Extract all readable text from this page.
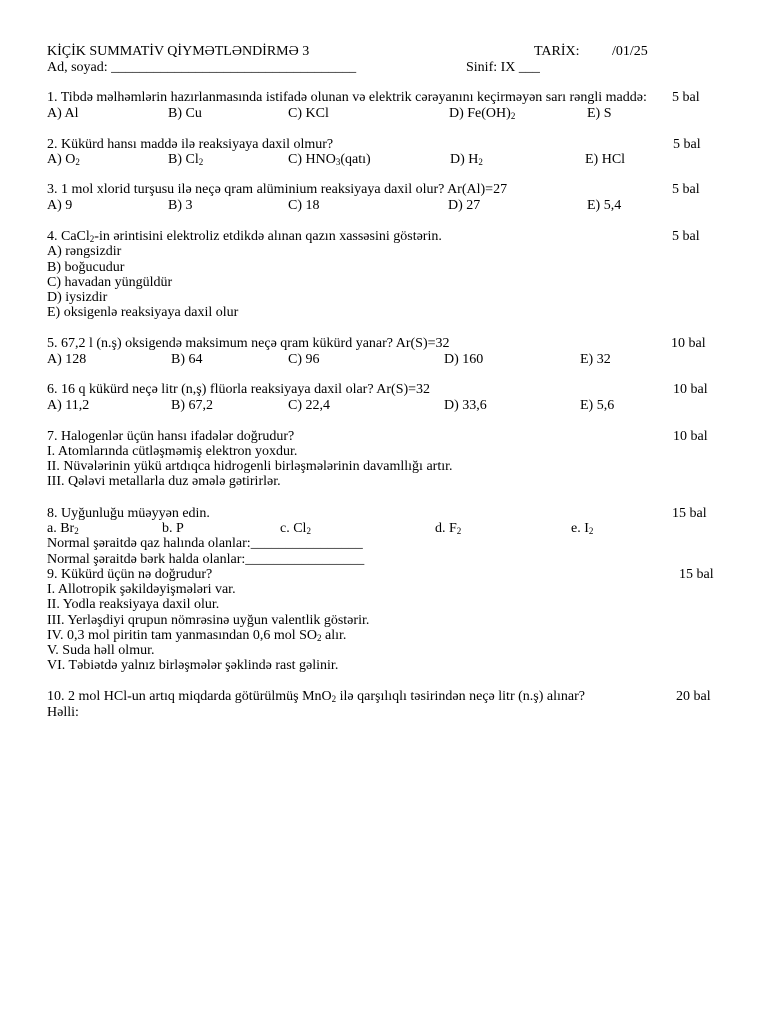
KİÇİK SUMMATİV QİYMƏTLƏNDİRMƏ 3	TARİX: /01/25
Ad, soyad: ___________________________________	Sinif: IX ___
1. Tibdə məlhəmlərin hazırlanmasında istifadə olunan və elektrik cərəyanını keçirməyən sarı rəngli maddə: 5 bal
A) Al	B) Cu	C) KCl	D) $Fe(OH)_2$	E) S
2. Kükürd hansı maddə ilə reaksiyaya daxil olmur?	5 bal
A) $O_2$	B) $Cl_2$	C) $HNO_3(qatı)$	D) $H_2$	E) HCl
3. 1 mol xlorid turşusu ilə neçə qram alüminium reaksiyaya daxil olur? Ar(Al)=27	5 bal
A) 9	B) 3	C) 18	D) 27	E) 5,4
4. CaCl$_2$-in ərintisini elektroliz etdikdə alınan qazın xassəsini göstərin.	5 bal
A) rəngsizdir
B) boğucudur
C) havadan yüngüldür
D) iysizdir
E) oksigenlə reaksiyaya daxil olur
5. 67,2 l (n.ş) oksigendə maksimum neçə qram kükürd yanar? Ar(S)=32	10 bal
A) 128	B) 64	C) 96	D) 160	E) 32
6. 16 q kükürd neçə litr (n,ş) flüorla reaksiyaya daxil olar? Ar(S)=32	10 bal
A) 11,2	B) 67,2	C) 22,4	D) 33,6	E) 5,6
7. Halogenlər üçün hansı ifadələr doğrudur?	10 bal
I. Atomlarında cütləşməmiş elektron yoxdur.
II. Nüvələrinin yükü artdıqca hidrogenli birləşmələrinin davamllığı artır.
III. Qələvi metallarla duz əmələ gətirirlər.
8. Uyğunluğu müəyyən edin.	15 bal
a. $Br_2$	b. P	c. $Cl_2$	d. $F_2$	e. $I_2$
Normal şəraitdə qaz halında olanlar:________________
Normal şəraitdə bərk halda olanlar:_________________
9. Kükürd üçün nə doğrudur?	15 bal
I. Allotropik şəkildəyişmələri var.
II. Yodla reaksiyaya daxil olur.
III. Yerləşdiyi qrupun nömrəsinə uyğun valentlik göstərir.
IV. 0,3 mol piritin tam yanmasından 0,6 mol $SO_2$ alır.
V. Suda həll olmur.
VI. Təbiətdə yalnız birləşmələr şəklində rast gəlinir.
10. 2 mol HCl-un artıq miqdarda götürülmüş MnO$_2$ ilə qarşılıqlı təsirindən neçə litr (n.ş) alınar?	20 bal
Həlli:
